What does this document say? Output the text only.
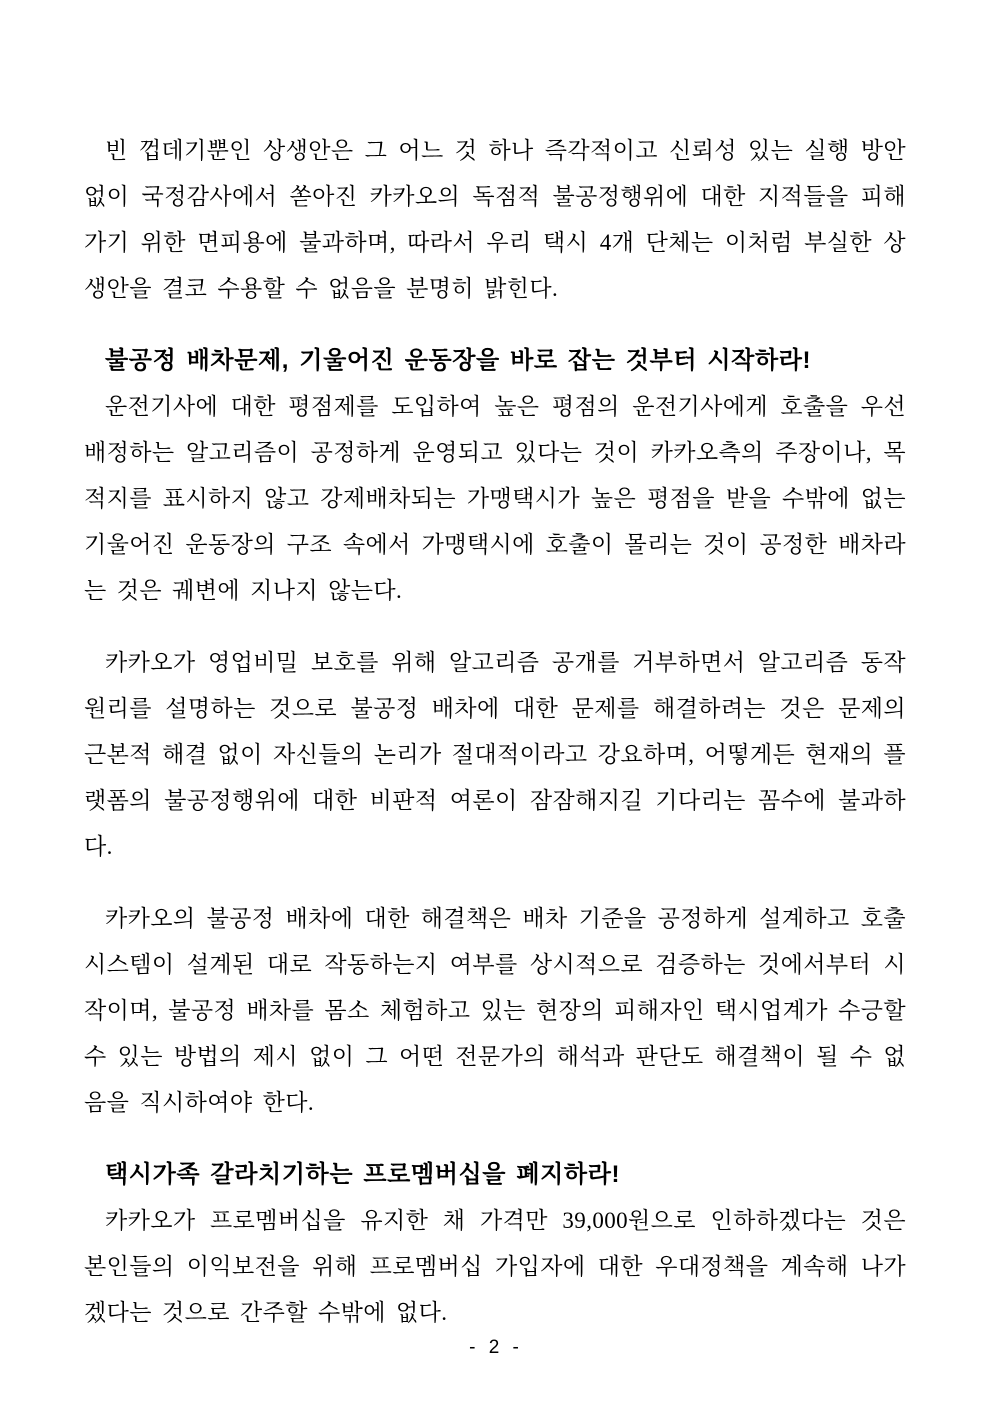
빈 껍데기뿐인 상생안은 그 어느 것 하나 즉각적이고 신뢰성 있는 실행 방안 없이 국정감사에서 쏟아진 카카오의 독점적 불공정행위에 대한 지적들을 피해 가기 위한 면피용에 불과하며, 따라서 우리 택시 4개 단체는 이처럼 부실한 상생안을 결코 수용할 수 없음을 분명히 밝힌다.

불공정 배차문제, 기울어진 운동장을 바로 잡는 것부터 시작하라!

운전기사에 대한 평점제를 도입하여 높은 평점의 운전기사에게 호출을 우선 배정하는 알고리즘이 공정하게 운영되고 있다는 것이 카카오측의 주장이나, 목적지를 표시하지 않고 강제배차되는 가맹택시가 높은 평점을 받을 수밖에 없는 기울어진 운동장의 구조 속에서 가맹택시에 호출이 몰리는 것이 공정한 배차라는 것은 궤변에 지나지 않는다.

카카오가 영업비밀 보호를 위해 알고리즘 공개를 거부하면서 알고리즘 동작 원리를 설명하는 것으로 불공정 배차에 대한 문제를 해결하려는 것은 문제의 근본적 해결 없이 자신들의 논리가 절대적이라고 강요하며, 어떻게든 현재의 플랫폼의 불공정행위에 대한 비판적 여론이 잠잠해지길 기다리는 꼼수에 불과하다.

카카오의 불공정 배차에 대한 해결책은 배차 기준을 공정하게 설계하고 호출 시스템이 설계된 대로 작동하는지 여부를 상시적으로 검증하는 것에서부터 시작이며, 불공정 배차를 몸소 체험하고 있는 현장의 피해자인 택시업계가 수긍할 수 있는 방법의 제시 없이 그 어떤 전문가의 해석과 판단도 해결책이 될 수 없음을 직시하여야 한다.

택시가족 갈라치기하는 프로멤버십을 폐지하라!

카카오가 프로멤버십을 유지한 채 가격만 39,000원으로 인하하겠다는 것은 본인들의 이익보전을 위해 프로멤버십 가입자에 대한 우대정책을 계속해 나가겠다는 것으로 간주할 수밖에 없다.

- 2 -
